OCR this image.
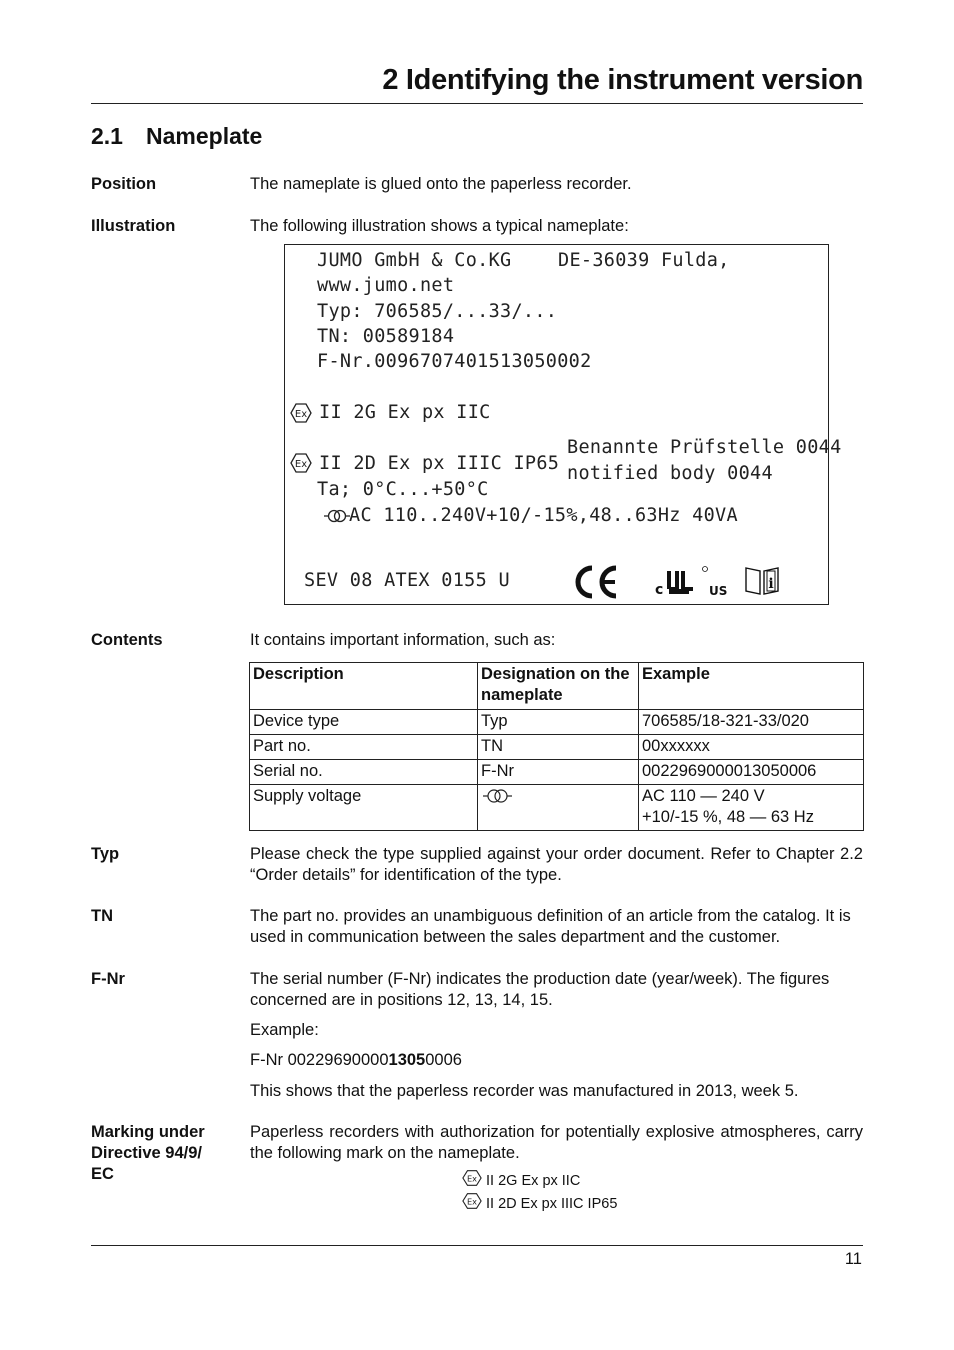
2 Identifying the instrument version
2.1 Nameplate
Position	The nameplate is glued onto the paperless recorder.
Illustration	The following illustration shows a typical nameplate:
JUMO GmbH & Co.KG	DE-36039 Fulda,
www.jumo.net
Typ: 706585/...33/...
TN: 00589184
F-Nr.0096707401513050002
Ex II 2G Ex px IIC
Ex II 2D Ex px IIIC IP65
Benannte Prüfstelle 0044
notified body 0044
Ta; 0°C...+50°C
AC 110..240V+10/-15%,48..63Hz 40VA
SEV 08 ATEX 0155 U	c	US	i
Contents	It contains important information, such as:
Description	Designation on the nameplate	Example
Device type	Typ	706585/18-321-33/020
Part no.	TN	00xxxxxx
Serial no.	F-Nr	0022969000013050006
Supply voltage		AC 110 — 240 V
+10/-15 %, 48 — 63 Hz
Typ	Please check the type supplied against your order document. Refer to Chapter 2.2 “Order details” for identification of the type.
TN	The part no. provides an unambiguous definition of an article from the catalog. It is used in communication between the sales department and the customer.
F-Nr	The serial number (F-Nr) indicates the production date (year/week). The figures concerned are in positions 12, 13, 14, 15.
Example:
F-Nr 0022969000013050006
This shows that the paperless recorder was manufactured in 2013, week 5.
Marking under
Directive 94/9/
EC
Paperless recorders with authorization for potentially explosive atmospheres, carry the following mark on the nameplate.
Ex II 2G Ex px IIC
Ex II 2D Ex px IIIC IP65
11
